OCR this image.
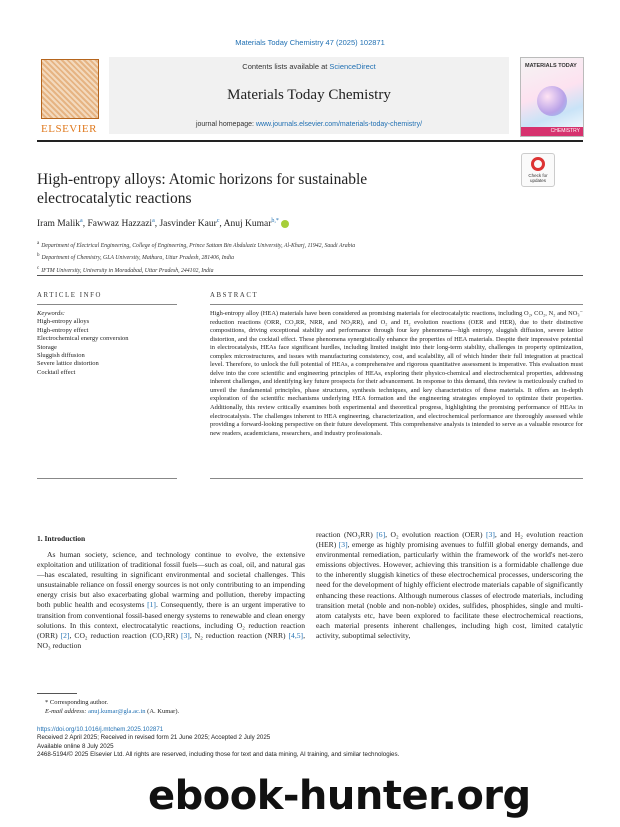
Materials Today Chemistry 47 (2025) 102871
ELSEVIER
Contents lists available at ScienceDirect
Materials Today Chemistry
journal homepage: www.journals.elsevier.com/materials-today-chemistry/
MATERIALS TODAY
CHEMISTRY
High-entropy alloys: Atomic horizons for sustainable electrocatalytic reactions
Check for updates
Iram Malik$^a$, Fawwaz Hazzazi$^a$, Jasvinder Kaur$^c$, Anuj Kumar$^{b,*}$
a Department of Electrical Engineering, College of Engineering, Prince Sattam Bin Abdulaziz University, Al-Kharj, 11942, Saudi Arabia
b Department of Chemistry, GLA University, Mathura, Uttar Pradesh, 281406, India
c IFTM University, University in Moradabad, Uttar Pradesh, 244102, India
ARTICLE INFO	ABSTRACT
Keywords:
High-entropy alloys
High-entropy effect
Electrochemical energy conversion
Storage
Sluggish diffusion
Severe lattice distortion
Cocktail effect
High-entropy alloy (HEA) materials have been considered as promising materials for electrocatalytic reactions, including O₂, CO₂, N₂ and NO₃⁻ reduction reactions (ORR, CO₂RR, NRR, and NO₃RR), and O₂ and H₂ evolution reactions (OER and HER), due to their distinctive compositions, driving exceptional stability and performance through four key phenomena—high entropy, sluggish diffusion, severe lattice distortion, and the cocktail effect. These phenomena synergistically enhance the properties of HEA materials. Despite their impressive potential in electrocatalysis, HEAs face significant hurdles, including limited insight into their long-term stability, challenges in property optimization, complex microstructures, and issues with manufacturing consistency, cost, and scalability, all of which hinder their full integration at practical level. Therefore, to unlock the full potential of HEAs, a comprehensive and rigorous quantitative assessment is imperative. This evaluation must delve into the core scientific and engineering principles of HEAs, exploring their physico-chemical and electrochemical properties, addressing inherent challenges, and identifying key future prospects for their advancement. In response to this demand, this review is meticulously crafted to unveil the fundamental principles, phase structures, synthesis techniques, and key characteristics of these materials. It offers an in-depth exploration of the scientific mechanisms underlying HEA formation and the engineering strategies employed to optimize their properties. Additionally, this review critically examines both experimental and theoretical progress, highlighting the promising performance of HEAs in electrocatalysis. The challenges inherent to HEA engineering, characterization, and electrochemical performance are thoroughly assessed while providing a forward-looking perspective on their future development. This comprehensive analysis is intended to serve as a valuable resource for new readers, academicians, researchers, and industry professionals.
1. Introduction
As human society, science, and technology continue to evolve, the extensive exploitation and utilization of traditional fossil fuels—such as coal, oil, and natural gas—has escalated, resulting in significant environmental and societal challenges. This unsustainable reliance on fossil energy sources is not only contributing to an impending energy crisis but also exacerbating global warming and pollution, thereby impacting both public health and ecosystems [1]. Consequently, there is an urgent imperative to transition from conventional fossil-based energy systems to renewable and clean energy solutions. In this context, electrocatalytic reactions, including O₂ reduction reaction (ORR) [2], CO₂ reduction reaction (CO₂RR) [3], N₂ reduction reaction (NRR) [4,5], NO₃ reduction
reaction (NO₃RR) [6], O₂ evolution reaction (OER) [3], and H₂ evolution reaction (HER) [3], emerge as highly promising avenues to fulfill global energy demands, and environmental remediation, particularly within the framework of the world's net-zero emissions objectives. However, achieving this transition is a formidable challenge due to the inherently sluggish kinetics of these electrochemical processes, underscoring the need for the development of highly efficient electrode materials capable of significantly enhancing these reactions. Although numerous classes of electrode materials, including transition metal (noble and non-noble) oxides, sulfides, phosphides, single and multi-atom catalysts etc, have been explored to facilitate these electrochemical reactions, each material presents inherent challenges, including high cost, limited catalytic activity, suboptimal selectivity,
* Corresponding author.
E-mail address: anuj.kumar@gla.ac.in (A. Kumar).
https://doi.org/10.1016/j.mtchem.2025.102871
Received 2 April 2025; Received in revised form 21 June 2025; Accepted 2 July 2025
Available online 8 July 2025
2468-5194/© 2025 Elsevier Ltd. All rights are reserved, including those for text and data mining, AI training, and similar technologies.
ebook-hunter.org
